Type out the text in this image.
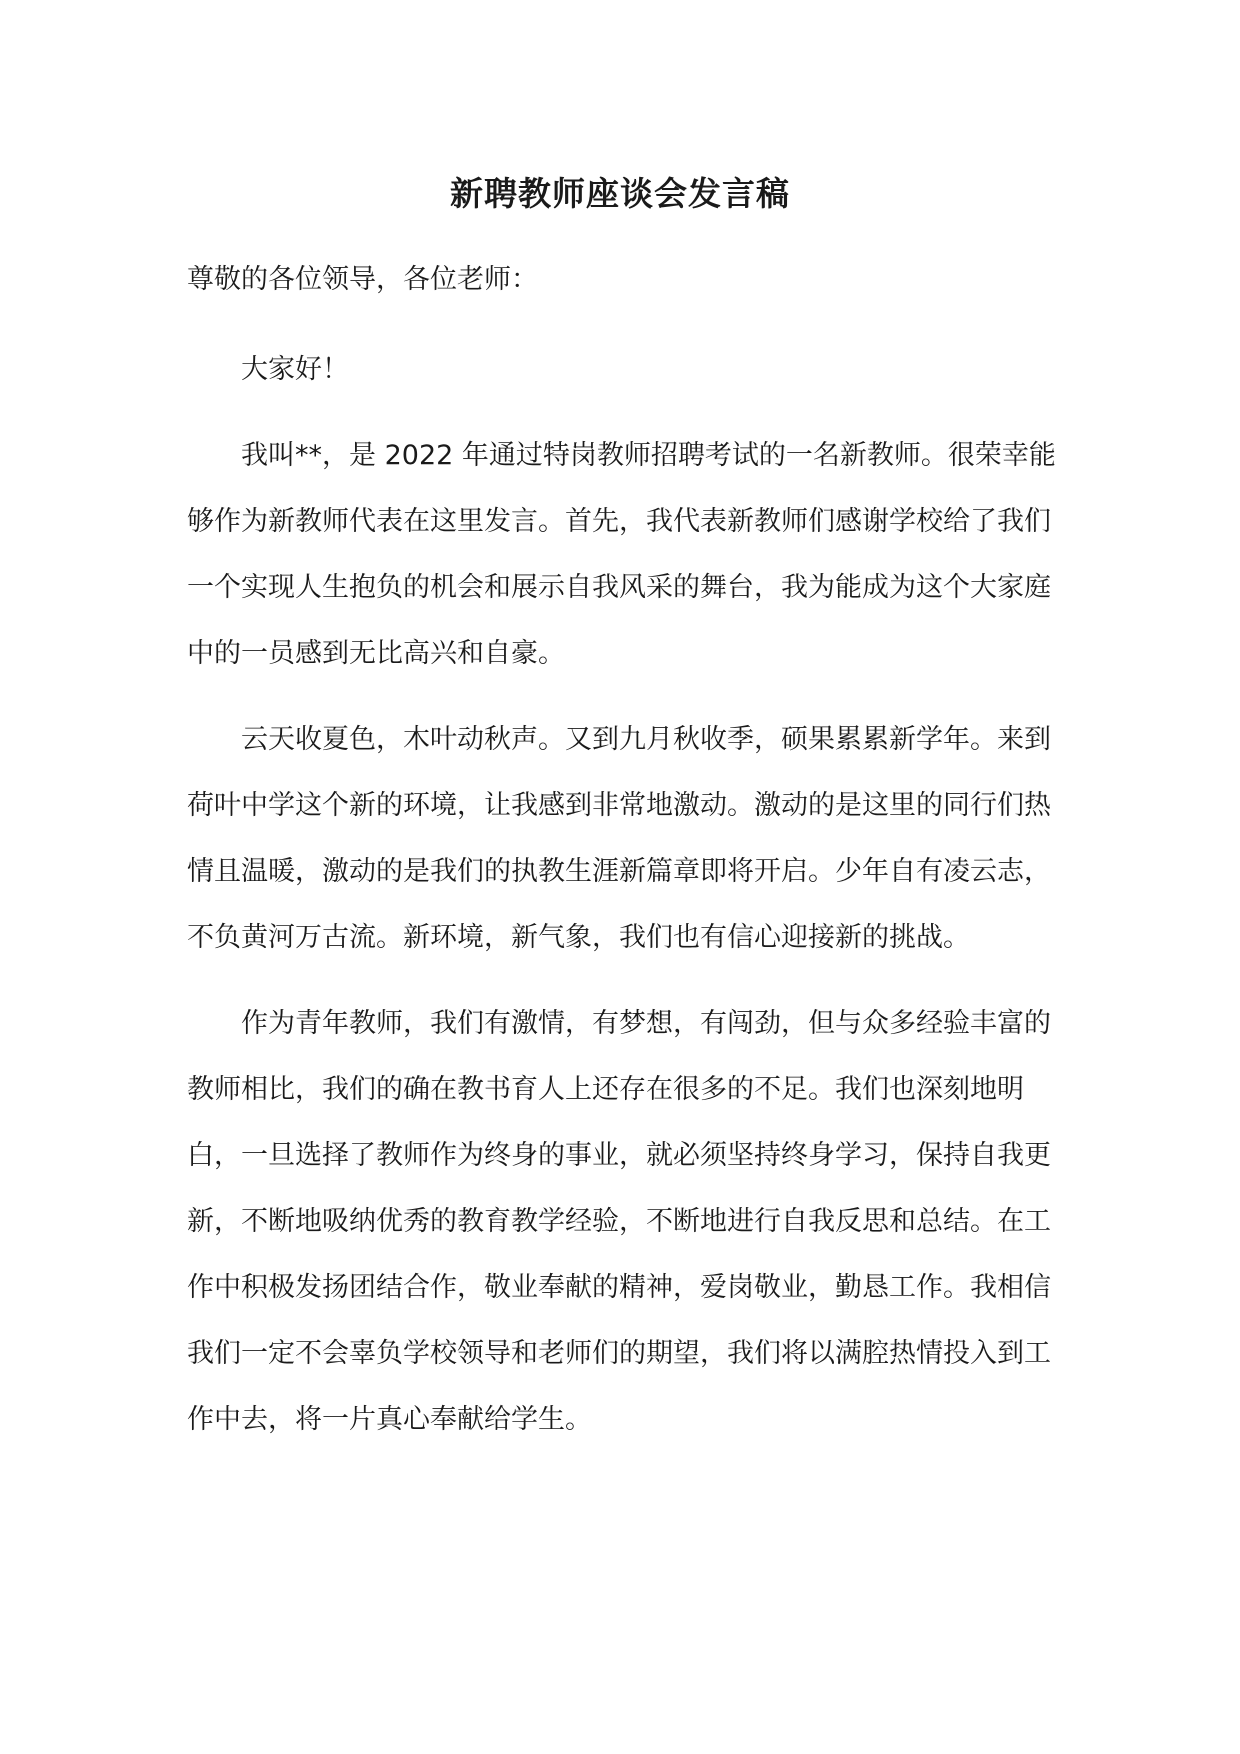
新聘教师座谈会发言稿

尊敬的各位领导，各位老师：

大家好！

我叫**，是 2022 年通过特岗教师招聘考试的一名新教师。很荣幸能够作为新教师代表在这里发言。首先，我代表新教师们感谢学校给了我们一个实现人生抱负的机会和展示自我风采的舞台，我为能成为这个大家庭中的一员感到无比高兴和自豪。

云天收夏色，木叶动秋声。又到九月秋收季，硕果累累新学年。来到荷叶中学这个新的环境，让我感到非常地激动。激动的是这里的同行们热情且温暖，激动的是我们的执教生涯新篇章即将开启。少年自有凌云志，不负黄河万古流。新环境，新气象，我们也有信心迎接新的挑战。

作为青年教师，我们有激情，有梦想，有闯劲，但与众多经验丰富的教师相比，我们的确在教书育人上还存在很多的不足。我们也深刻地明白，一旦选择了教师作为终身的事业，就必须坚持终身学习，保持自我更新，不断地吸纳优秀的教育教学经验，不断地进行自我反思和总结。在工作中积极发扬团结合作，敬业奉献的精神，爱岗敬业，勤恳工作。我相信我们一定不会辜负学校领导和老师们的期望，我们将以满腔热情投入到工作中去，将一片真心奉献给学生。
